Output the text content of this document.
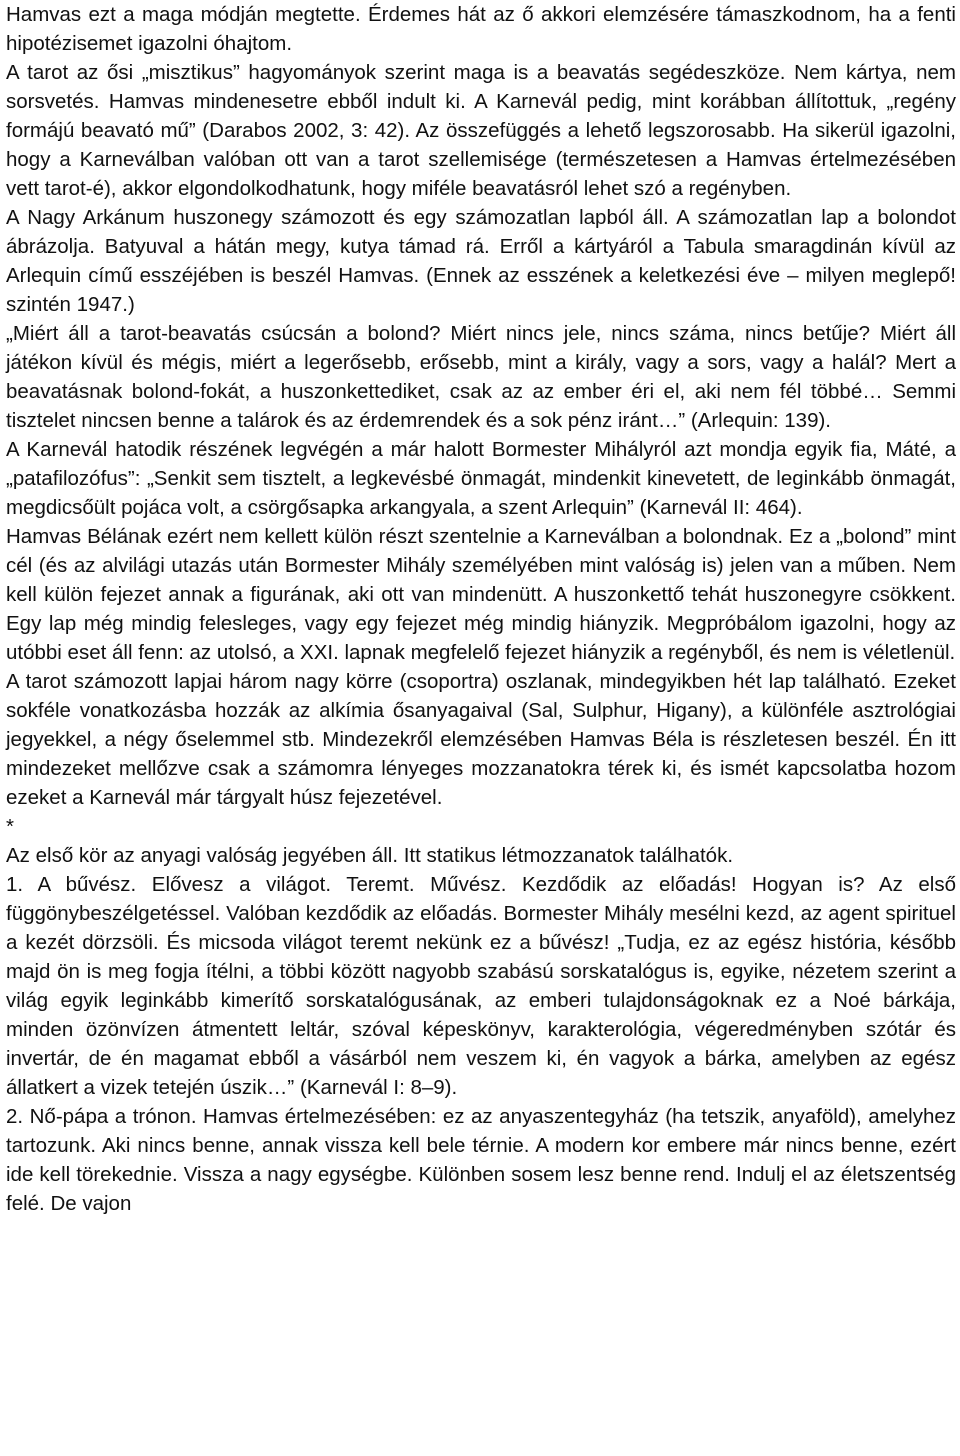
Hamvas ezt a maga módján megtette. Érdemes hát az ő akkori elemzésére támaszkodnom, ha a fenti hipotézisemet igazolni óhajtom.

A tarot az ősi „misztikus” hagyományok szerint maga is a beavatás segédeszköze. Nem kártya, nem sorsvetés. Hamvas mindenesetre ebből indult ki. A Karnevál pedig, mint korábban állítottuk, „regény formájú beavató mű” (Darabos 2002, 3: 42). Az összefüggés a lehető legszorosabb. Ha sikerül igazolni, hogy a Karneválban valóban ott van a tarot szellemisége (természetesen a Hamvas értelmezésében vett tarot-é), akkor elgondolkodhatunk, hogy miféle beavatásról lehet szó a regényben.

A Nagy Arkánum huszonegy számozott és egy számozatlan lapból áll. A számozatlan lap a bolondot ábrázolja. Batyuval a hátán megy, kutya támad rá. Erről a kártyáról a Tabula smaragdinán kívül az Arlequin című esszéjében is beszél Hamvas. (Ennek az esszének a keletkezési éve – milyen meglepő! szintén 1947.)

„Miért áll a tarot-beavatás csúcsán a bolond? Miért nincs jele, nincs száma, nincs betűje? Miért áll játékon kívül és mégis, miért a legerősebb, erősebb, mint a király, vagy a sors, vagy a halál? Mert a beavatásnak bolond-fokát, a huszonkettediket, csak az az ember éri el, aki nem fél többé… Semmi tisztelet nincsen benne a talárok és az érdemrendek és a sok pénz iránt…” (Arlequin: 139).

A Karnevál hatodik részének legvégén a már halott Bormester Mihályról azt mondja egyik fia, Máté, a „patafilozófus”: „Senkit sem tisztelt, a legkevésbé önmagát, mindenkit kinevetett, de leginkább önmagát, megdicsőült pojáca volt, a csörgősapka arkangyala, a szent Arlequin” (Karnevál II: 464).

Hamvas Bélának ezért nem kellett külön részt szentelnie a Karneválban a bolondnak. Ez a „bolond” mint cél (és az alvilági utazás után Bormester Mihály személyében mint valóság is) jelen van a műben. Nem kell külön fejezet annak a figurának, aki ott van mindenütt. A huszonkettő tehát huszonegyre csökkent. Egy lap még mindig felesleges, vagy egy fejezet még mindig hiányzik. Megpróbálom igazolni, hogy az utóbbi eset áll fenn: az utolsó, a XXI. lapnak megfelelő fejezet hiányzik a regényből, és nem is véletlenül.

A tarot számozott lapjai három nagy körre (csoportra) oszlanak, mindegyikben hét lap található. Ezeket sokféle vonatkozásba hozzák az alkímia ősanyagaival (Sal, Sulphur, Higany), a különféle asztrológiai jegyekkel, a négy őselemmel stb. Mindezekről elemzésében Hamvas Béla is részletesen beszél. Én itt mindezeket mellőzve csak a számomra lényeges mozzanatokra térek ki, és ismét kapcsolatba hozom ezeket a Karnevál már tárgyalt húsz fejezetével.

*

Az első kör az anyagi valóság jegyében áll. Itt statikus létmozzanatok találhatók.

1. A bűvész. Elővesz a világot. Teremt. Művész. Kezdődik az előadás! Hogyan is? Az első függönybeszélgetéssel. Valóban kezdődik az előadás. Bormester Mihály mesélni kezd, az agent spirituel a kezét dörzsöli. És micsoda világot teremt nekünk ez a bűvész! „Tudja, ez az egész história, később majd ön is meg fogja ítélni, a többi között nagyobb szabású sorskatalógus is, egyike, nézetem szerint a világ egyik leginkább kimerítő sorskatalógusának, az emberi tulajdonságoknak ez a Noé bárkája, minden özönvízen átmentett leltár, szóval képeskönyv, karakterológia, végeredményben szótár és invertár, de én magamat ebből a vásárból nem veszem ki, én vagyok a bárka, amelyben az egész állatkert a vizek tetején úszik…” (Karnevál I: 8–9).

2. Nő-pápa a trónon. Hamvas értelmezésében: ez az anyaszentegyház (ha tetszik, anyaföld), amelyhez tartozunk. Aki nincs benne, annak vissza kell bele térnie. A modern kor embere már nincs benne, ezért ide kell törekednie. Vissza a nagy egységbe. Különben sosem lesz benne rend. Indulj el az életszentség felé. De vajon
